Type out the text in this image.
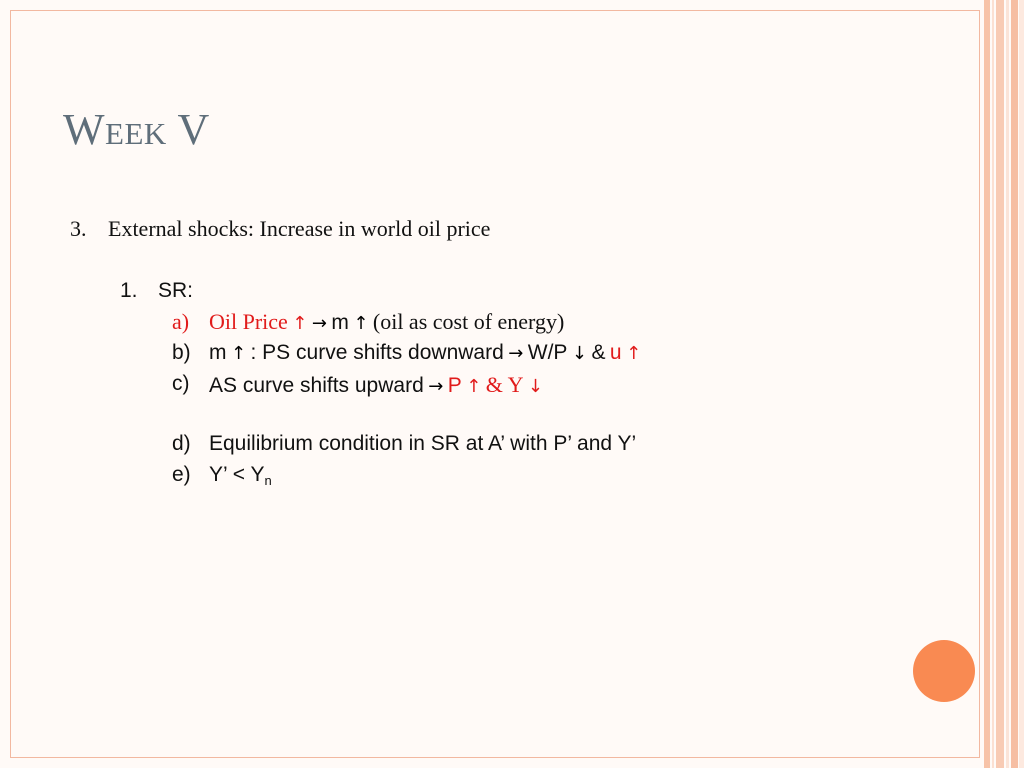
Week V
3. External shocks: Increase in world oil price
1. SR:
a) Oil Price ↑ → m ↑ (oil as cost of energy)
b) m ↑ : PS curve shifts downward → W/P ↓ & u ↑
c) AS curve shifts upward → P ↑ & Y ↓
d) Equilibrium condition in SR at A’ with P’ and Y’
e) Y’ < $Y_n$
